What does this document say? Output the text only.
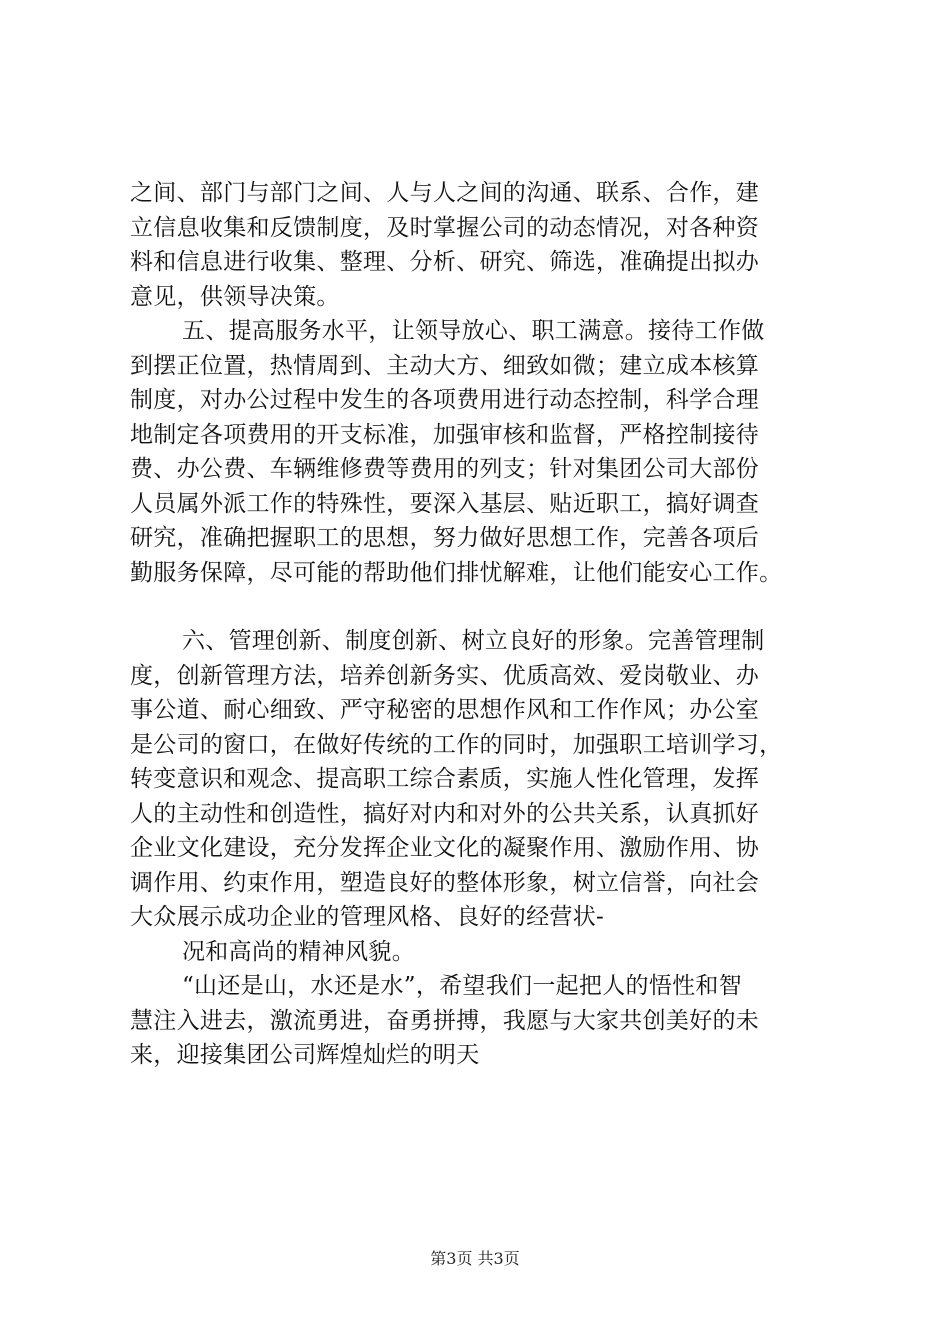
之间、部门与部门之间、人与人之间的沟通、联系、合作，建
立信息收集和反馈制度，及时掌握公司的动态情况，对各种资
料和信息进行收集、整理、分析、研究、筛选，准确提出拟办
意见，供领导决策。
五、提高服务水平，让领导放心、职工满意。接待工作做
到摆正位置，热情周到、主动大方、细致如微；建立成本核算
制度，对办公过程中发生的各项费用进行动态控制，科学合理
地制定各项费用的开支标准，加强审核和监督，严格控制接待
费、办公费、车辆维修费等费用的列支；针对集团公司大部份
人员属外派工作的特殊性，要深入基层、贴近职工，搞好调查
研究，准确把握职工的思想，努力做好思想工作，完善各项后
勤服务保障，尽可能的帮助他们排忧解难，让他们能安心工作。
六、管理创新、制度创新、树立良好的形象。完善管理制
度，创新管理方法，培养创新务实、优质高效、爱岗敬业、办
事公道、耐心细致、严守秘密的思想作风和工作作风；办公室
是公司的窗口，在做好传统的工作的同时，加强职工培训学习，
转变意识和观念、提高职工综合素质，实施人性化管理，发挥
人的主动性和创造性，搞好对内和对外的公共关系，认真抓好
企业文化建设，充分发挥企业文化的凝聚作用、激励作用、协
调作用、约束作用，塑造良好的整体形象，树立信誉，向社会
大众展示成功企业的管理风格、良好的经营状-
况和高尚的精神风貌。
“山还是山，水还是水”，希望我们一起把人的悟性和智
慧注入进去，激流勇进，奋勇拼搏，我愿与大家共创美好的未
来，迎接集团公司辉煌灿烂的明天
第3页 共3页
